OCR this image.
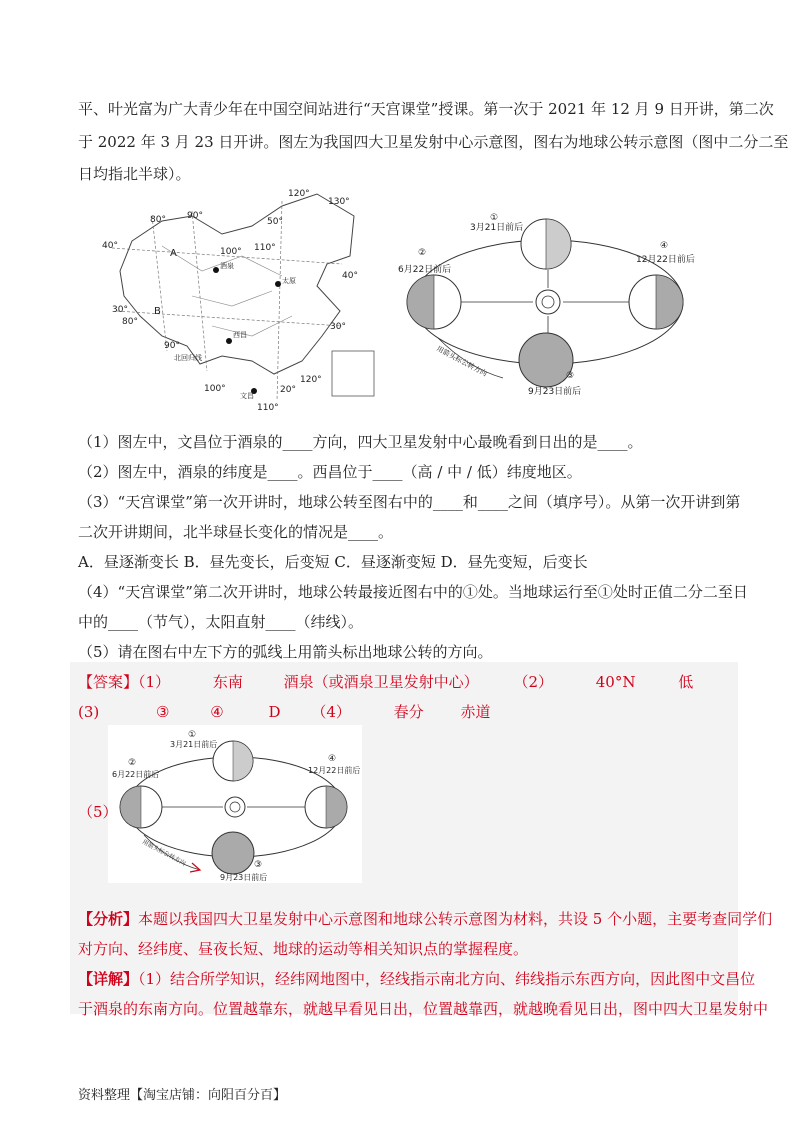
平、叶光富为广大青少年在中国空间站进行“天宫课堂”授课。第一次于 2021 年 12 月 9 日开讲，第二次
于 2022 年 3 月 23 日开讲。图左为我国四大卫星发射中心示意图，图右为地球公转示意图（图中二分二至
日均指北半球）。
80° 90°
100° 110°
120°
130°
50°
40°
30°
20°
120°
110°
100°
90°
80°
40°
30°
酒泉
太原
西昌
文昌
北回归线
A
B
①
3月21日前后
②
6月22日前后
④
12月22日前后
③
9月23日前后
用箭头标公转方向
（1）图左中，文昌位于酒泉的____方向，四大卫星发射中心最晚看到日出的是____。
（2）图左中，酒泉的纬度是____。西昌位于____（高 / 中 / 低）纬度地区。
（3）“天宫课堂”第一次开讲时，地球公转至图右中的____和____之间（填序号）。从第一次开讲到第
二次开讲期间，北半球昼长变化的情况是____。
A．昼逐渐变长 B．昼先变长，后变短 C．昼逐渐变短 D．昼先变短，后变长
（4）“天宫课堂”第二次开讲时，地球公转最接近图右中的①处。当地球运行至①处时正值二分二至日
中的____（节气），太阳直射____（纬线）。
（5）请在图右中左下方的弧线上用箭头标出地球公转的方向。
【答案】（1）	东南	酒泉（或酒泉卫星发射中心） （2）	40°N	低
(3)	③	④	D （4）	春分 赤道
（5）
①
3月21日前后
②
6月22日前后
④
12月22日前后
③
9月23日前后
用箭头标公转方向
【分析】本题以我国四大卫星发射中心示意图和地球公转示意图为材料，共设 5 个小题，主要考查同学们
对方向、经纬度、昼夜长短、地球的运动等相关知识点的掌握程度。
【详解】（1）结合所学知识，经纬网地图中，经线指示南北方向、纬线指示东西方向，因此图中文昌位
于酒泉的东南方向。位置越靠东，就越早看见日出，位置越靠西，就越晚看见日出，图中四大卫星发射中
资料整理【淘宝店铺：向阳百分百】
